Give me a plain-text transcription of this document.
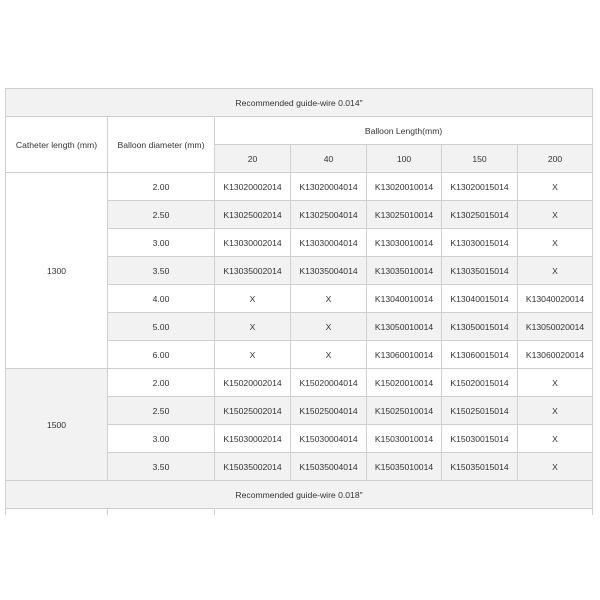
Recommended guide-wire 0.014"						
Catheter length (mm)	Balloon diameter (mm)	Balloon Length(mm)				
		20	40	100	150	200
1300	2.00	K13020002014	K13020004014	K13020010014	K13020015014	X
	2.50	K13025002014	K13025004014	K13025010014	K13025015014	X
	3.00	K13030002014	K13030004014	K13030010014	K13030015014	X
	3.50	K13035002014	K13035004014	K13035010014	K13035015014	X
	4.00	X	X	K13040010014	K13040015014	K13040020014
	5.00	X	X	K13050010014	K13050015014	K13050020014
	6.00	X	X	K13060010014	K13060015014	K13060020014
1500	2.00	K15020002014	K15020004014	K15020010014	K15020015014	X
	2.50	K15025002014	K15025004014	K15025010014	K15025015014	X
	3.00	K15030002014	K15030004014	K15030010014	K15030015014	X
	3.50	K15035002014	K15035004014	K15035010014	K15035015014	X
Recommended guide-wire 0.018"						
